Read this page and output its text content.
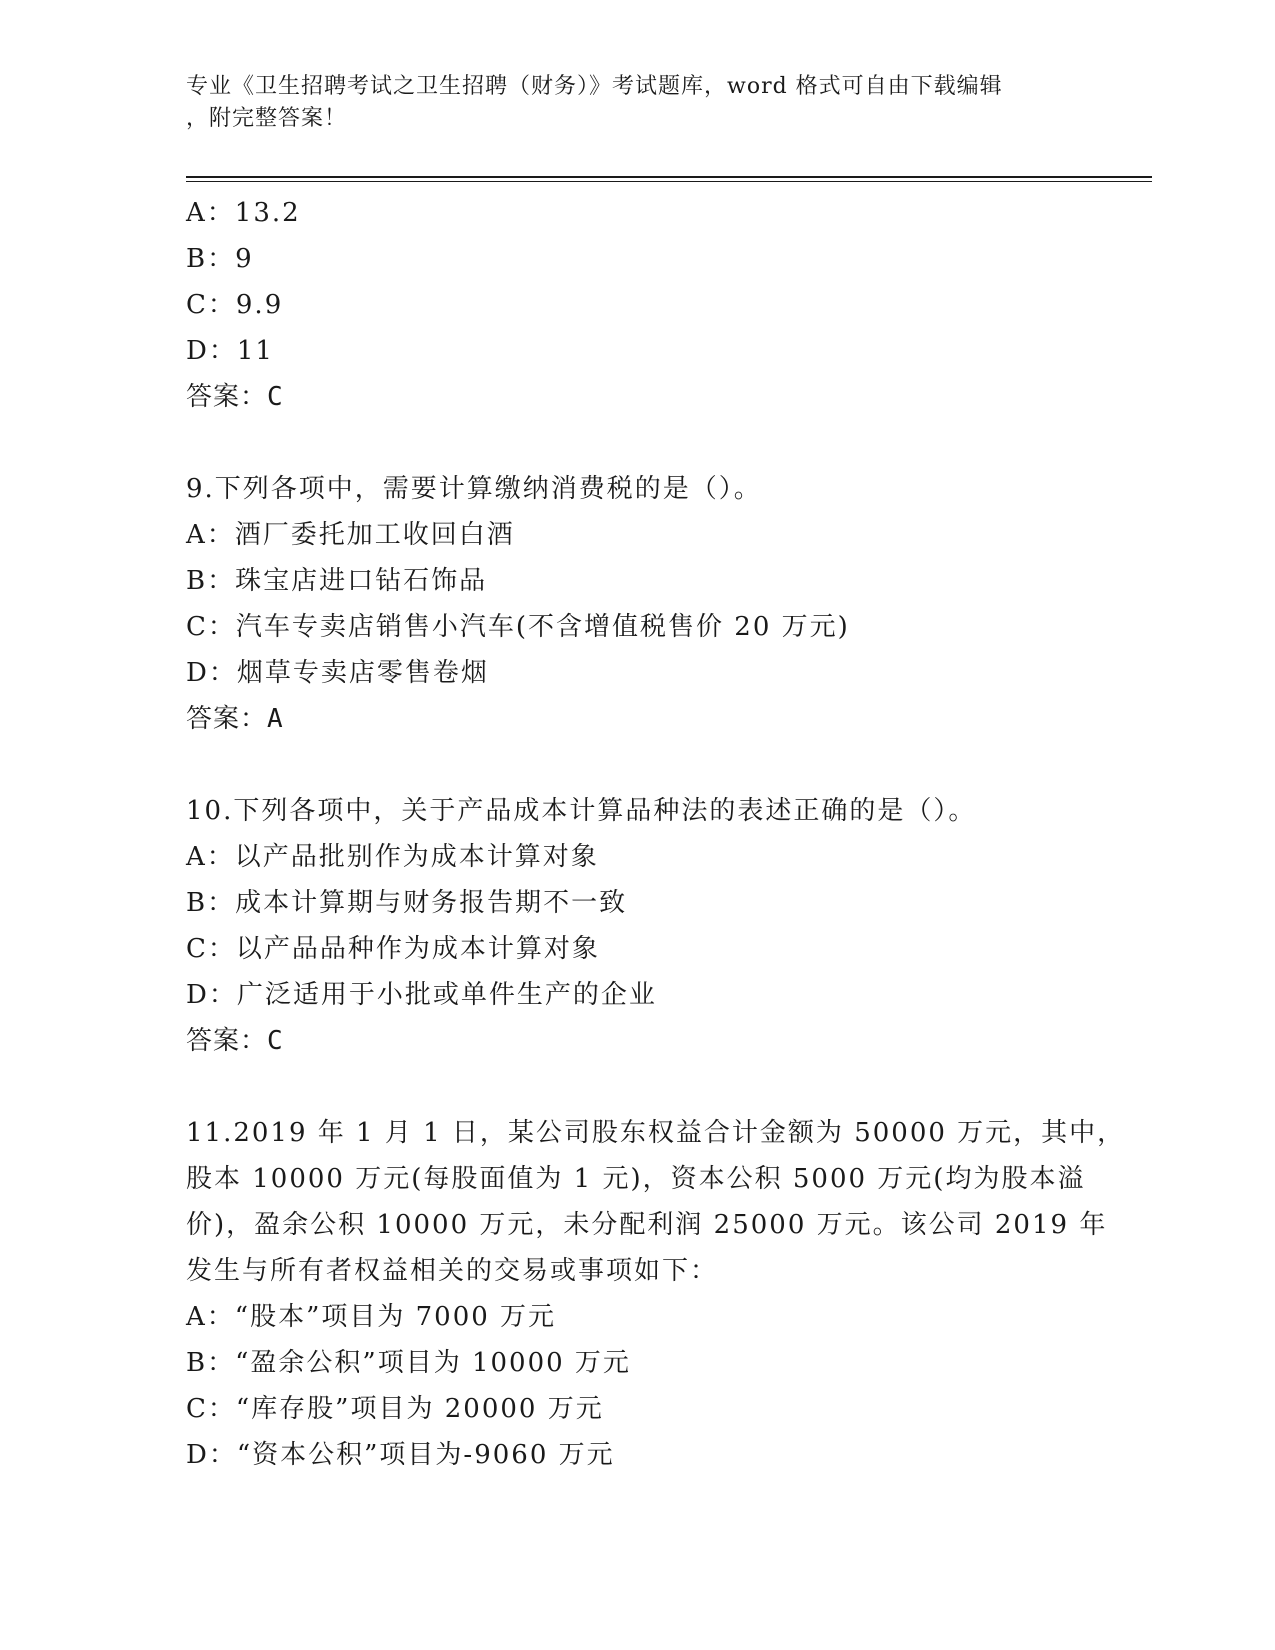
专业《卫生招聘考试之卫生招聘（财务）》考试题库，word 格式可自由下载编辑
，附完整答案！
A：13.2
B：9
C：9.9
D：11
答案：C
9.下列各项中，需要计算缴纳消费税的是（）。
A：酒厂委托加工收回白酒
B：珠宝店进口钻石饰品
C：汽车专卖店销售小汽车(不含增值税售价 20 万元)
D：烟草专卖店零售卷烟
答案：A
10.下列各项中，关于产品成本计算品种法的表述正确的是（）。
A：以产品批别作为成本计算对象
B：成本计算期与财务报告期不一致
C：以产品品种作为成本计算对象
D：广泛适用于小批或单件生产的企业
答案：C
11.2019 年 1 月 1 日，某公司股东权益合计金额为 50000 万元，其中，
股本 10000 万元(每股面值为 1 元)，资本公积 5000 万元(均为股本溢
价)，盈余公积 10000 万元，未分配利润 25000 万元。该公司 2019 年
发生与所有者权益相关的交易或事项如下：
A：“股本”项目为 7000 万元
B：“盈余公积”项目为 10000 万元
C：“库存股”项目为 20000 万元
D：“资本公积”项目为-9060 万元
